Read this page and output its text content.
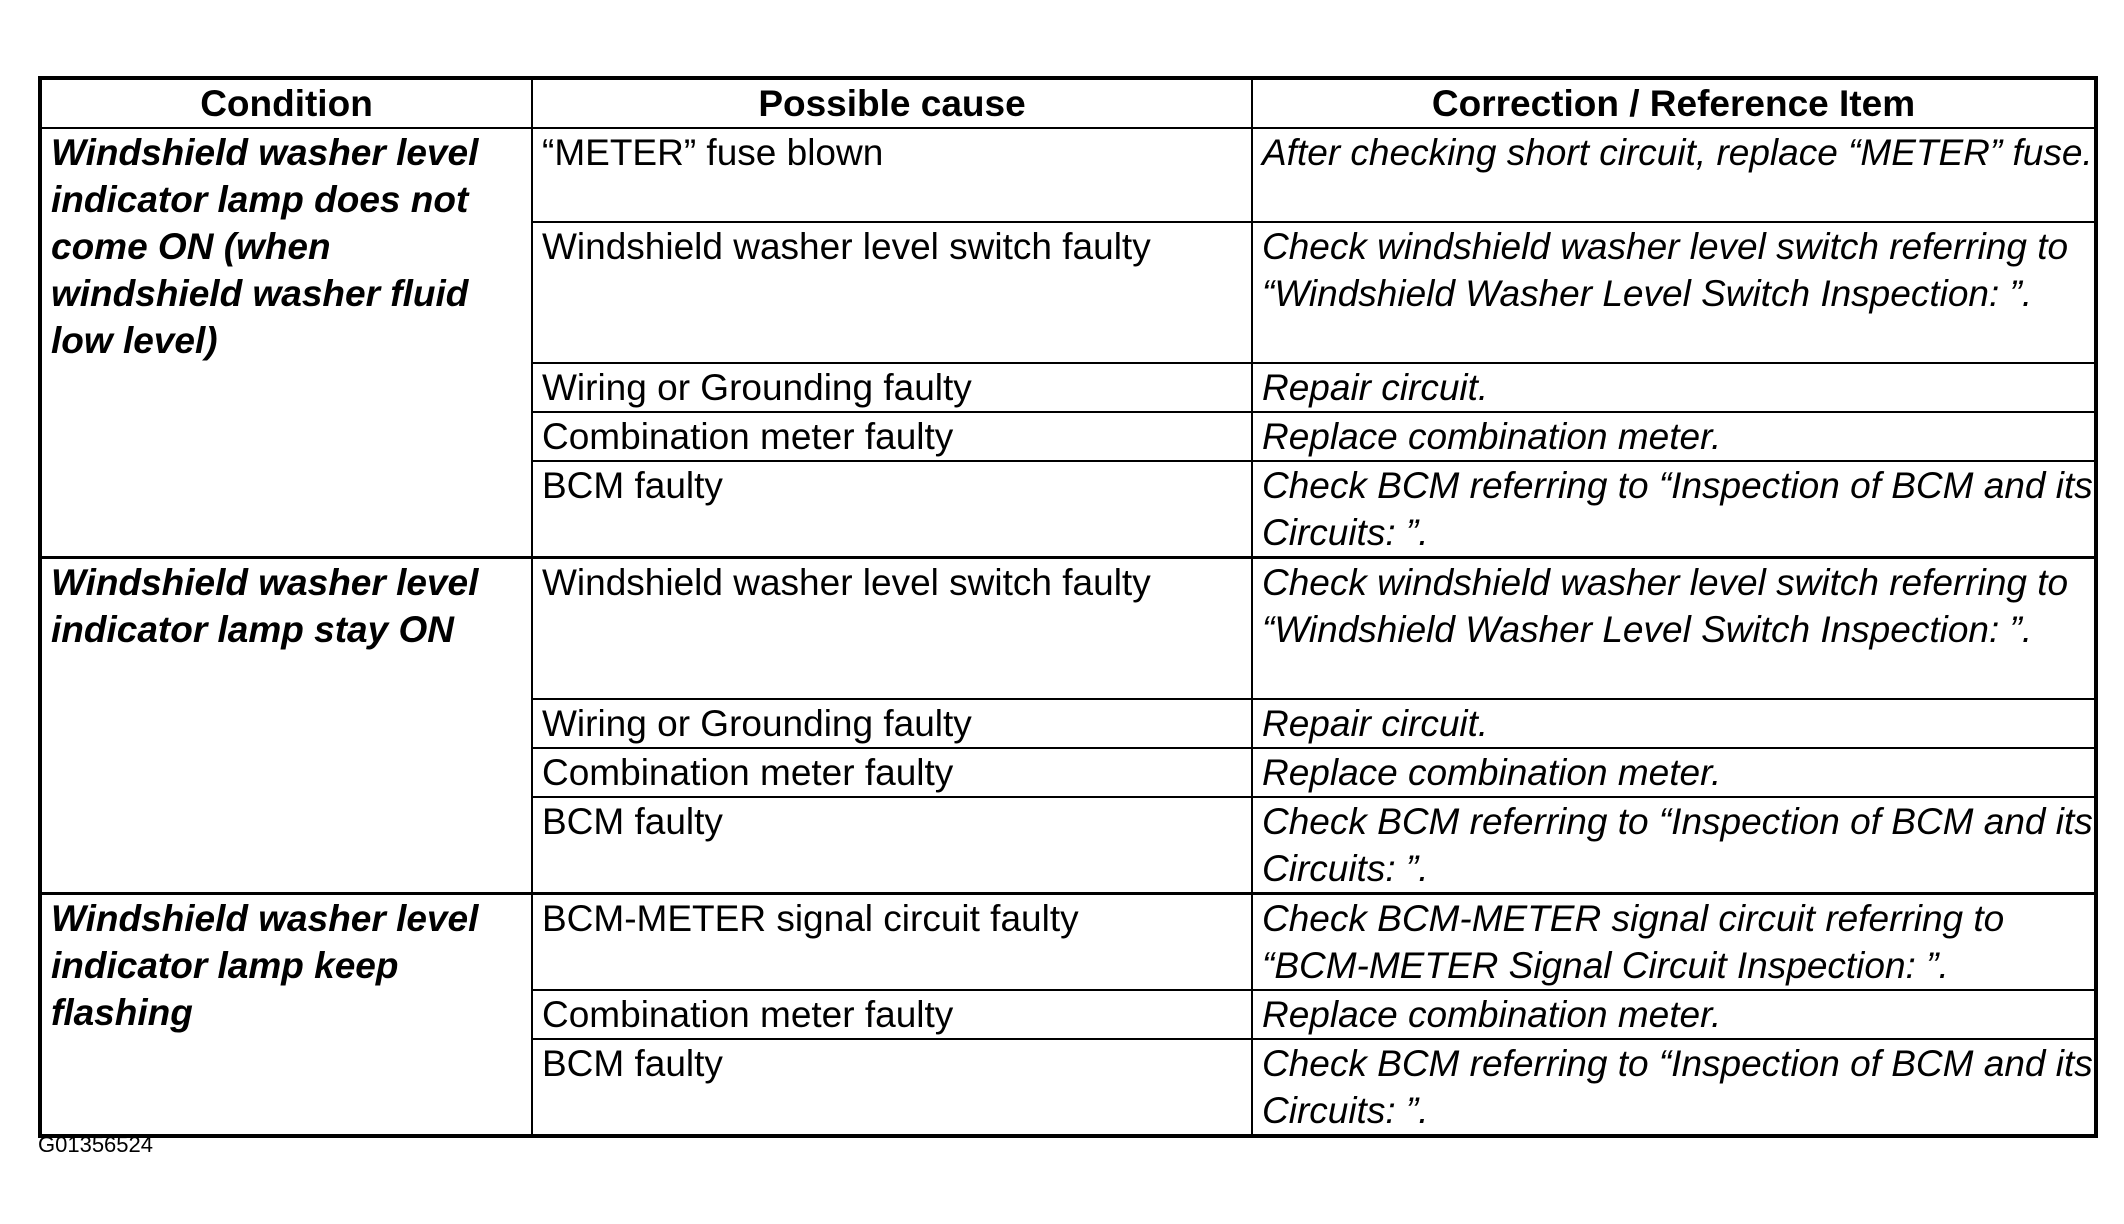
Condition	Possible cause	Correction / Reference Item
Windshield washer level indicator lamp does not come ON (when windshield washer fluid low level)	“METER” fuse blown	After checking short circuit, replace “METER” fuse.
	Windshield washer level switch faulty	Check windshield washer level switch referring to “Windshield Washer Level Switch Inspection: ”.
	Wiring or Grounding faulty	Repair circuit.
	Combination meter faulty	Replace combination meter.
	BCM faulty	Check BCM referring to “Inspection of BCM and its Circuits: ”.
Windshield washer level indicator lamp stay ON	Windshield washer level switch faulty	Check windshield washer level switch referring to “Windshield Washer Level Switch Inspection: ”.
	Wiring or Grounding faulty	Repair circuit.
	Combination meter faulty	Replace combination meter.
	BCM faulty	Check BCM referring to “Inspection of BCM and its Circuits: ”.
Windshield washer level indicator lamp keep flashing	BCM-METER signal circuit faulty	Check BCM-METER signal circuit referring to “BCM-METER Signal Circuit Inspection: ”.
	Combination meter faulty	Replace combination meter.
	BCM faulty	Check BCM referring to “Inspection of BCM and its Circuits: ”.
G01356524
